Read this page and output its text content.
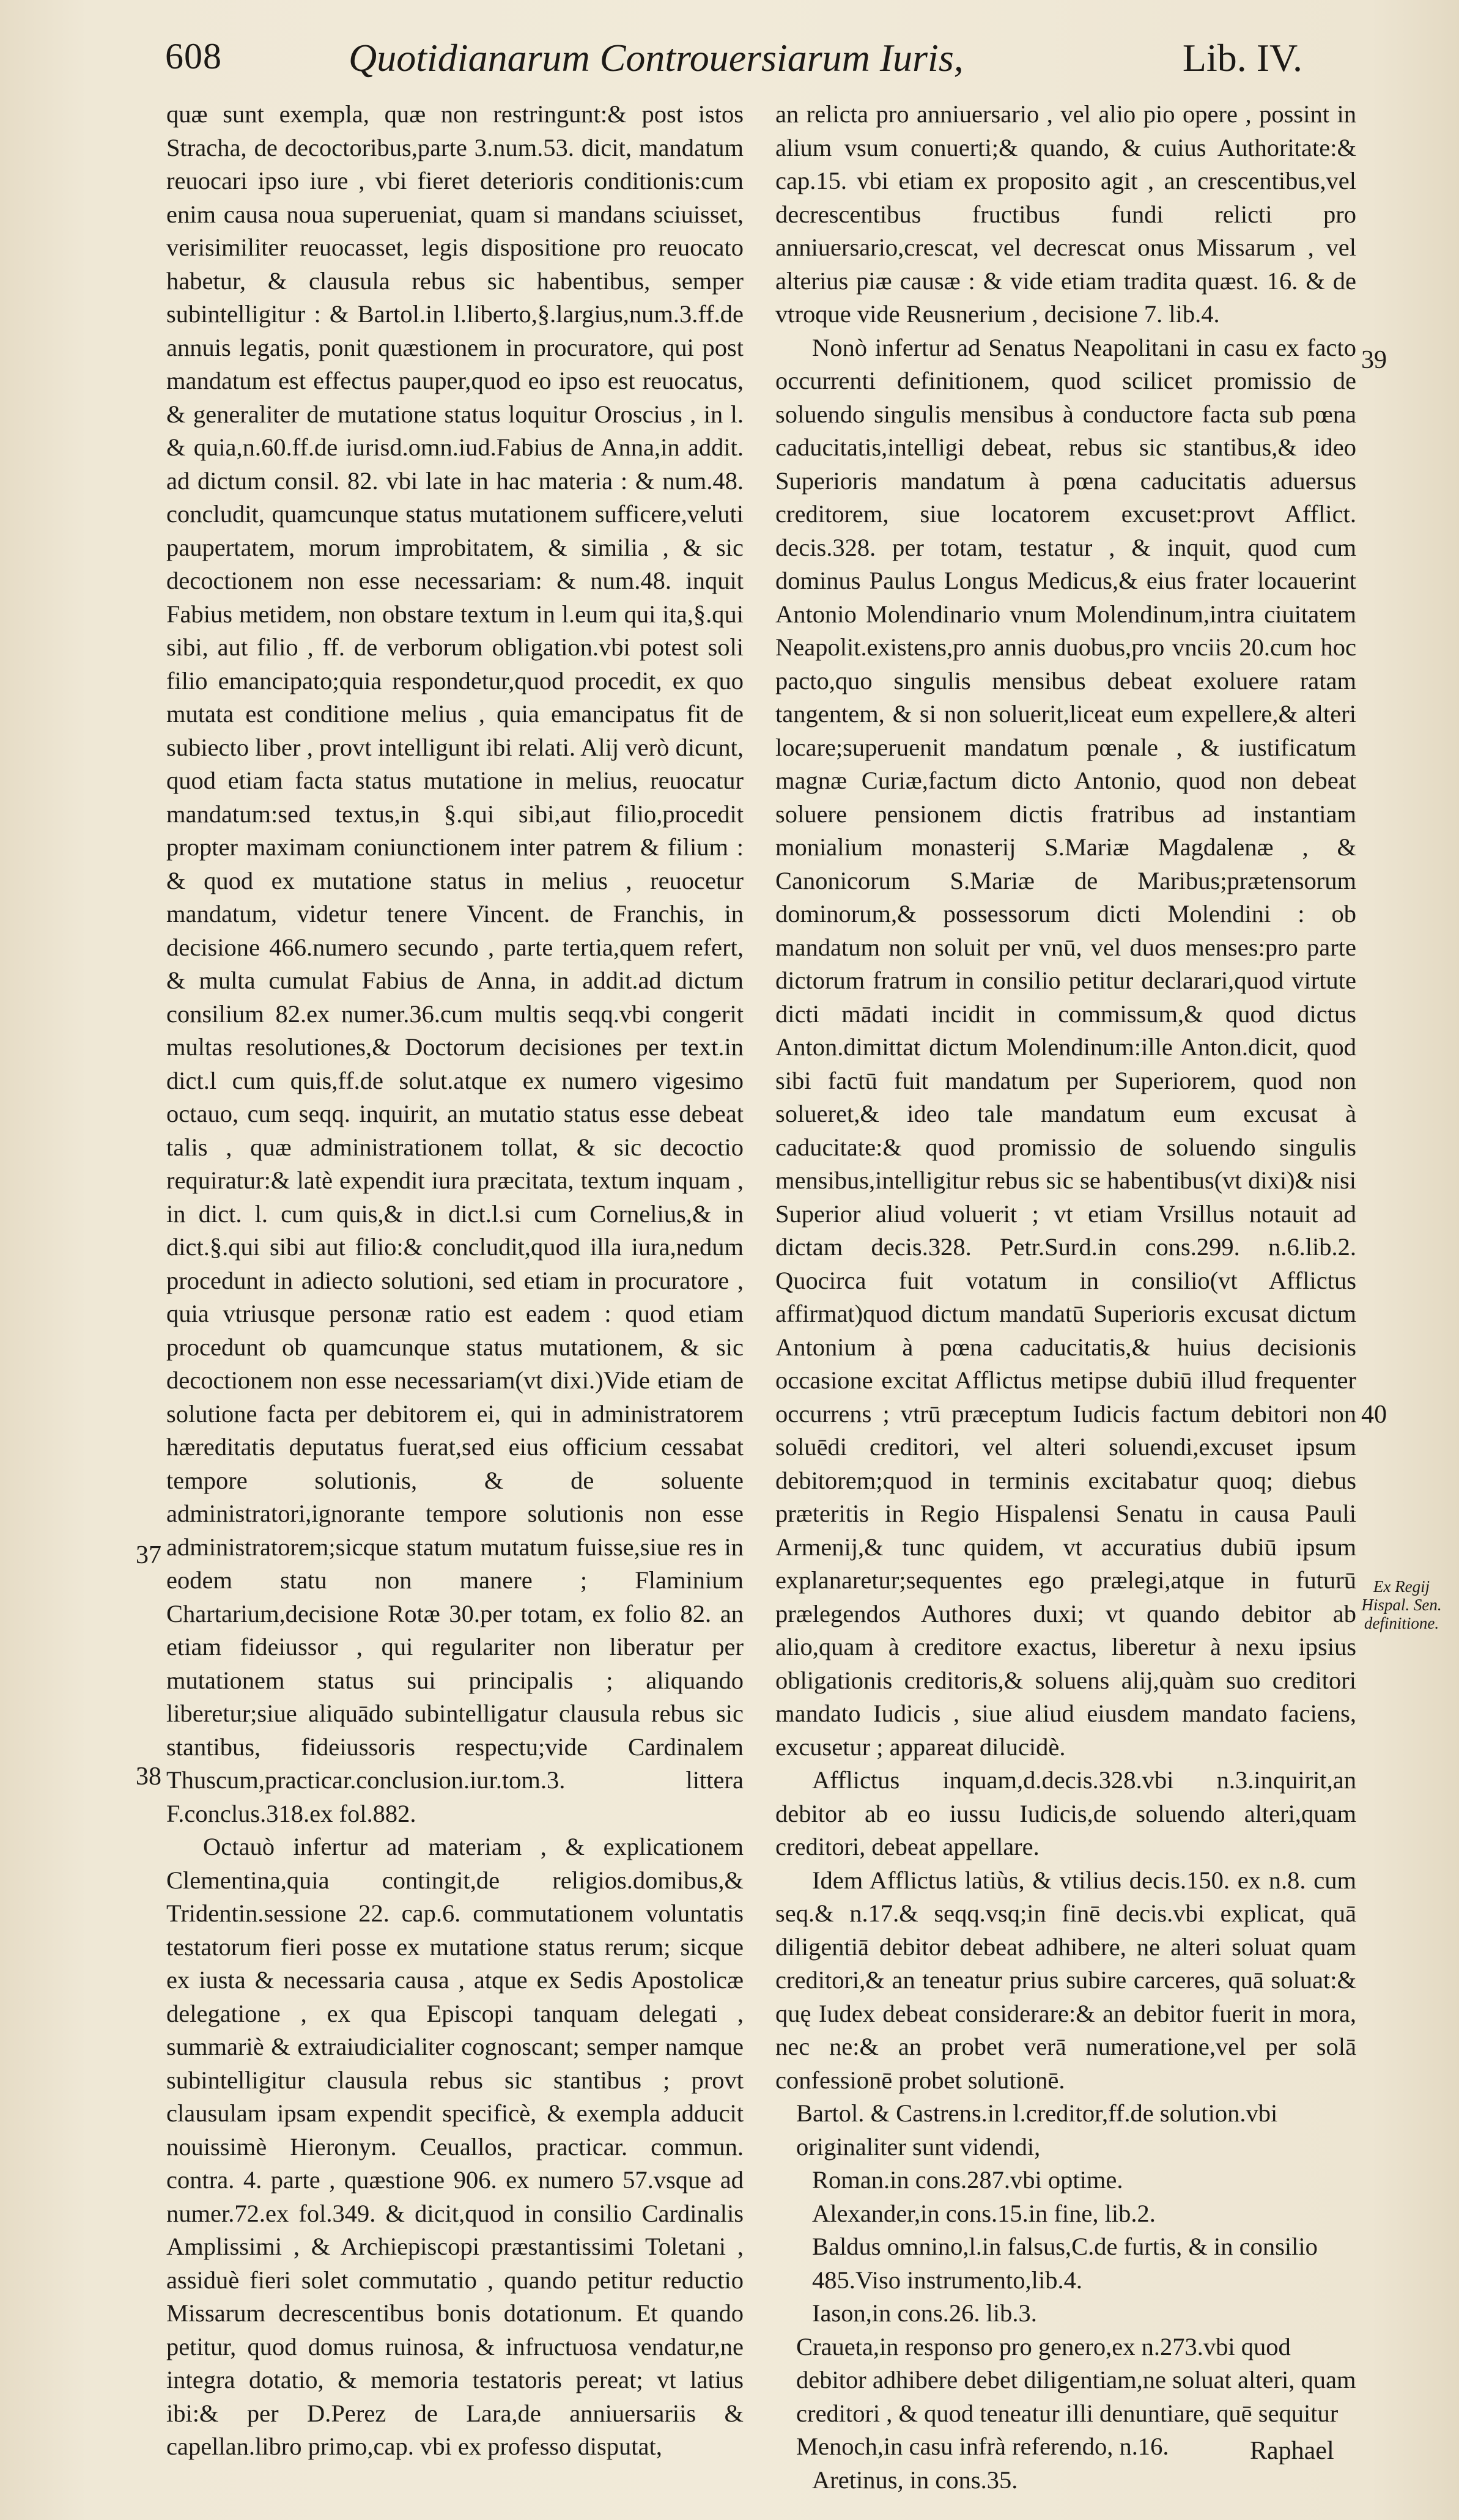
608	Quotidianarum Controuersiarum Iuris,	Lib. IV.

quæ sunt exempla, quæ non restringunt:& post istos Stracha, de decoctoribus,parte 3.num.53. dicit, mandatum reuocari ipso iure , vbi fieret deterioris conditionis:cum enim causa noua superueniat, quam si mandans sciuisset, verisimiliter reuocasset, legis dispositione pro reuocato habetur, & clausula rebus sic habentibus, semper subintelligitur : & Bartol.in l.liberto,§.largius,num.3.ff.de annuis legatis, ponit quæstionem in procuratore, qui post mandatum est effectus pauper,quod eo ipso est reuocatus, & generaliter de mutatione status loquitur Oroscius , in l. & quia,n.60.ff.de iurisd.omn.iud.Fabius de Anna,in addit. ad dictum consil. 82. vbi late in hac materia : & num.48. concludit, quamcunque status mutationem sufficere,veluti paupertatem, morum improbitatem, & similia , & sic decoctionem non esse necessariam: & num.48. inquit Fabius metidem, non obstare textum in l.eum qui ita,§.qui sibi, aut filio , ff. de verborum obligation.vbi potest soli filio emancipato;quia respondetur,quod procedit, ex quo mutata est conditione melius , quia emancipatus fit de subiecto liber , provt intelligunt ibi relati. Alij verò dicunt, quod etiam facta status mutatione in melius, reuocatur mandatum:sed textus,in §.qui sibi,aut filio,procedit propter maximam coniunctionem inter patrem & filium : & quod ex mutatione status in melius , reuocetur mandatum, videtur tenere Vincent. de Franchis, in decisione 466.numero secundo , parte tertia,quem refert, & multa cumulat Fabius de Anna, in addit.ad dictum consilium 82.ex numer.36.cum multis seqq.vbi congerit multas resolutiones,& Doctorum decisiones per text.in dict.l cum quis,ff.de solut.atque ex numero vigesimo octauo, cum seqq. inquirit, an mutatio status esse debeat talis , quæ administrationem tollat, & sic decoctio requiratur:& latè expendit iura præcitata, textum inquam , in dict. l. cum quis,& in dict.l.si cum Cornelius,& in dict.§.qui sibi aut filio:& concludit,quod illa iura,nedum procedunt in adiecto solutioni, sed etiam in procuratore , quia vtriusque personæ ratio est eadem : quod etiam procedunt ob quamcunque status mutationem, & sic decoctionem non esse necessariam(vt dixi.)Vide etiam de solutione facta per debitorem ei, qui in administratorem hæreditatis deputatus fuerat,sed eius officium cessabat tempore solutionis, & de soluente administratori,ignorante tempore solutionis non esse administratorem;sicque statum mutatum fuisse,siue res in eodem statu non manere ; Flaminium Chartarium,decisione Rotæ 30.per totam, ex folio 82. an etiam fideiussor , qui regulariter non liberatur per mutationem status sui principalis ; aliquando liberetur;siue aliquādo subintelligatur clausula rebus sic stantibus, fideiussoris respectu;vide Cardinalem Thuscum,practicar.conclusion.iur.tom.3. littera F.conclus.318.ex fol.882.

Octauò infertur ad materiam , & explicationem Clementina,quia contingit,de religios.domibus,& Tridentin.sessione 22. cap.6. commutationem voluntatis testatorum fieri posse ex mutatione status rerum; sicque ex iusta & necessaria causa , atque ex Sedis Apostolicæ delegatione , ex qua Episcopi tanquam delegati , summariè & extraiudicialiter cognoscant; semper namque subintelligitur clausula rebus sic stantibus ; provt clausulam ipsam expendit specificè, & exempla adducit nouissimè Hieronym. Ceuallos, practicar. commun. contra. 4. parte , quæstione 906. ex numero 57.vsque ad numer.72.ex fol.349. & dicit,quod in consilio Cardinalis Amplissimi , & Archiepiscopi præstantissimi Toletani , assiduè fieri solet commutatio , quando petitur reductio Missarum decrescentibus bonis dotationum. Et quando petitur, quod domus ruinosa, & infructuosa vendatur,ne integra dotatio, & memoria testatoris pereat; vt latius ibi:& per D.Perez de Lara,de anniuersariis & capellan.libro primo,cap. vbi ex professo disputat,

an relicta pro anniuersario , vel alio pio opere , possint in alium vsum conuerti;& quando, & cuius Authoritate:& cap.15. vbi etiam ex proposito agit , an crescentibus,vel decrescentibus fructibus fundi relicti pro anniuersario,crescat, vel decrescat onus Missarum , vel alterius piæ causæ : & vide etiam tradita quæst. 16. & de vtroque vide Reusnerium , decisione 7. lib.4.

Nonò infertur ad Senatus Neapolitani in casu ex facto occurrenti definitionem, quod scilicet promissio de soluendo singulis mensibus à conductore facta sub pœna caducitatis,intelligi debeat, rebus sic stantibus,& ideo Superioris mandatum à pœna caducitatis aduersus creditorem, siue locatorem excuset:provt Afflict. decis.328. per totam, testatur , & inquit, quod cum dominus Paulus Longus Medicus,& eius frater locauerint Antonio Molendinario vnum Molendinum,intra ciuitatem Neapolit.existens,pro annis duobus,pro vnciis 20.cum hoc pacto,quo singulis mensibus debeat exoluere ratam tangentem, & si non soluerit,liceat eum expellere,& alteri locare;superuenit mandatum pœnale , & iustificatum magnæ Curiæ,factum dicto Antonio, quod non debeat soluere pensionem dictis fratribus ad instantiam monialium monasterij S.Mariæ Magdalenæ , & Canonicorum S.Mariæ de Maribus;prætensorum dominorum,& possessorum dicti Molendini : ob mandatum non soluit per vnū, vel duos menses:pro parte dictorum fratrum in consilio petitur declarari,quod virtute dicti mādati incidit in commissum,& quod dictus Anton.dimittat dictum Molendinum:ille Anton.dicit, quod sibi factū fuit mandatum per Superiorem, quod non solueret,& ideo tale mandatum eum excusat à caducitate:& quod promissio de soluendo singulis mensibus,intelligitur rebus sic se habentibus(vt dixi)& nisi Superior aliud voluerit ; vt etiam Vrsillus notauit ad dictam decis.328. Petr.Surd.in cons.299. n.6.lib.2. Quocirca fuit votatum in consilio(vt Afflictus affirmat)quod dictum mandatū Superioris excusat dictum Antonium à pœna caducitatis,& huius decisionis occasione excitat Afflictus metipse dubiū illud frequenter occurrens ; vtrū præceptum Iudicis factum debitori non soluēdi creditori, vel alteri soluendi,excuset ipsum debitorem;quod in terminis excitabatur quoq; diebus præteritis in Regio Hispalensi Senatu in causa Pauli Armenij,& tunc quidem, vt accuratius dubiū ipsum explanaretur;sequentes ego prælegi,atque in futurū prælegendos Authores duxi; vt quando debitor ab alio,quam à creditore exactus, liberetur à nexu ipsius obligationis creditoris,& soluens alij,quàm suo creditori mandato Iudicis , siue aliud eiusdem mandato faciens, excusetur ; appareat dilucidè.

Afflictus inquam,d.decis.328.vbi n.3.inquirit,an debitor ab eo iussu Iudicis,de soluendo alteri,quam creditori, debeat appellare.

Idem Afflictus latiùs, & vtilius decis.150. ex n.8. cum seq.& n.17.& seqq.vsq;in finē decis.vbi explicat, quā diligentiā debitor debeat adhibere, ne alteri soluat quam creditori,& an teneatur prius subire carceres, quā soluat:& quę Iudex debeat considerare:& an debitor fuerit in mora, nec ne:& an probet verā numeratione,vel per solā confessionē probet solutionē.

Bartol. & Castrens.in l.creditor,ff.de solution.vbi originaliter sunt videndi,

Roman.in cons.287.vbi optime.

Alexander,in cons.15.in fine, lib.2.

Baldus omnino,l.in falsus,C.de furtis, & in consilio 485.Viso instrumento,lib.4.

Iason,in cons.26. lib.3.

Craueta,in responso pro genero,ex n.273.vbi quod debitor adhibere debet diligentiam,ne soluat alteri, quam creditori , & quod teneatur illi denuntiare, quē sequitur Menoch,in casu infrà referendo, n.16.

Aretinus, in cons.35.

37
38
39
40
Ex Regij Hispal. Sen. definitione.
Raphael
